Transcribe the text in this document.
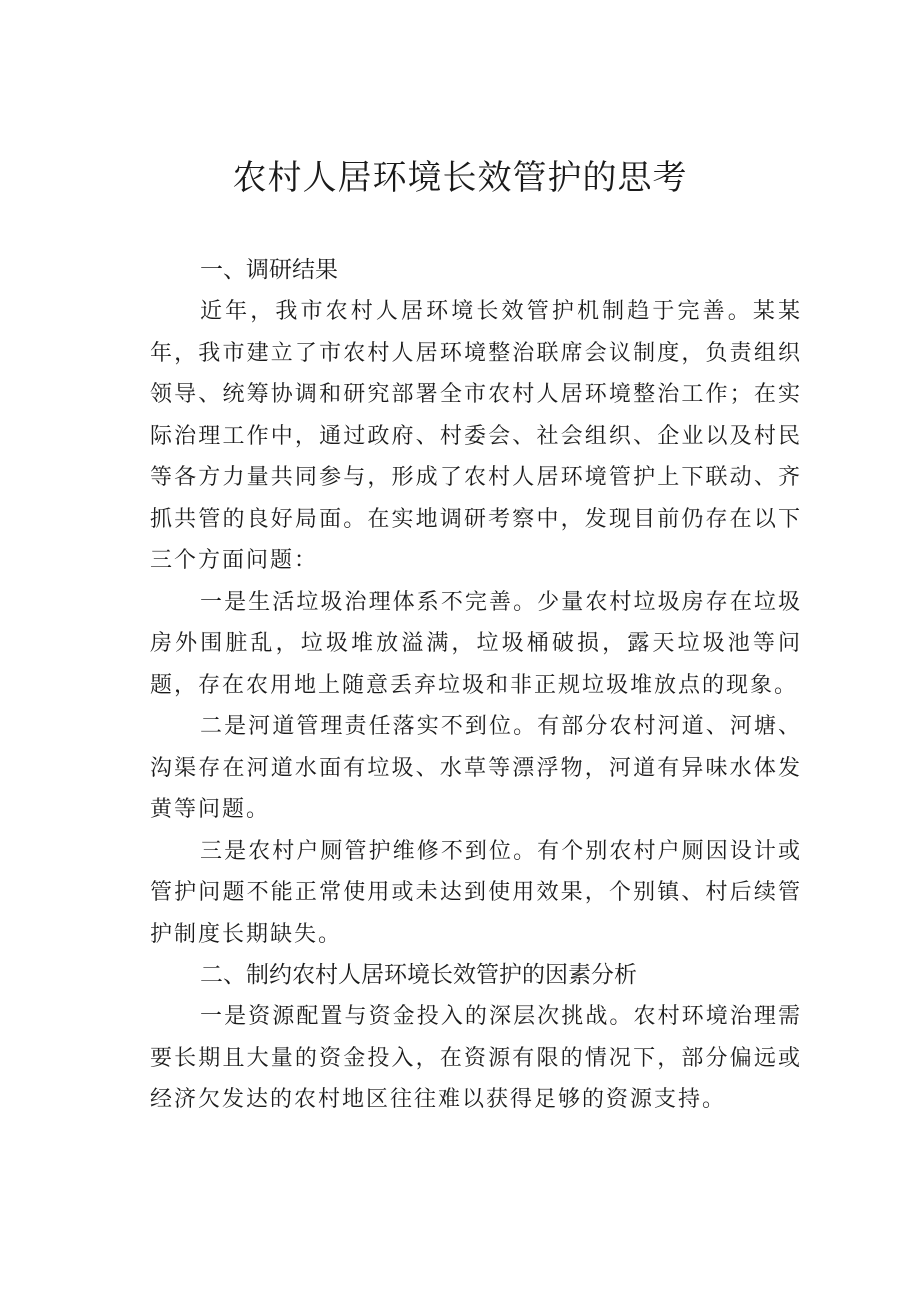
农村人居环境长效管护的思考
一、调研结果

近年，我市农村人居环境长效管护机制趋于完善。某某年，我市建立了市农村人居环境整治联席会议制度，负责组织领导、统筹协调和研究部署全市农村人居环境整治工作；在实际治理工作中，通过政府、村委会、社会组织、企业以及村民等各方力量共同参与，形成了农村人居环境管护上下联动、齐抓共管的良好局面。在实地调研考察中，发现目前仍存在以下三个方面问题：

一是生活垃圾治理体系不完善。少量农村垃圾房存在垃圾房外围脏乱，垃圾堆放溢满，垃圾桶破损，露天垃圾池等问题，存在农用地上随意丢弃垃圾和非正规垃圾堆放点的现象。

二是河道管理责任落实不到位。有部分农村河道、河塘、沟渠存在河道水面有垃圾、水草等漂浮物，河道有异味水体发黄等问题。

三是农村户厕管护维修不到位。有个别农村户厕因设计或管护问题不能正常使用或未达到使用效果，个别镇、村后续管护制度长期缺失。

二、制约农村人居环境长效管护的因素分析

一是资源配置与资金投入的深层次挑战。农村环境治理需要长期且大量的资金投入，在资源有限的情况下，部分偏远或经济欠发达的农村地区往往难以获得足够的资源支持。
